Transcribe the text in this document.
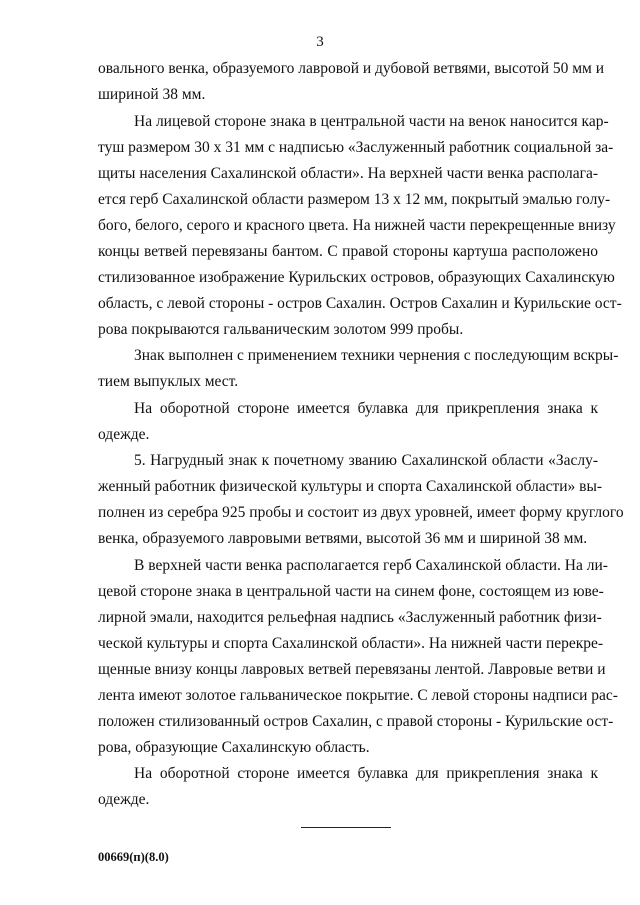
3
овального венка, образуемого лавровой и дубовой ветвями, высотой 50 мм и
шириной 38 мм.
На лицевой стороне знака в центральной части на венок наносится кар-
туш размером 30 х 31 мм с надписью «Заслуженный работник социальной за-
щиты населения Сахалинской области». На верхней части венка располага-
ется герб Сахалинской области размером 13 х 12 мм, покрытый эмалью голу-
бого, белого, серого и красного цвета. На нижней части перекрещенные внизу
концы ветвей перевязаны бантом. С правой стороны картуша расположено
стилизованное изображение Курильских островов, образующих Сахалинскую
область, с левой стороны - остров Сахалин. Остров Сахалин и Курильские ост-
рова покрываются гальваническим золотом 999 пробы.
Знак выполнен с применением техники чернения с последующим вскры-
тием выпуклых мест.
На оборотной стороне имеется булавка для прикрепления знака к
одежде.
5. Нагрудный знак к почетному званию Сахалинской области «Заслу-
женный работник физической культуры и спорта Сахалинской области» вы-
полнен из серебра 925 пробы и состоит из двух уровней, имеет форму круглого
венка, образуемого лавровыми ветвями, высотой 36 мм и шириной 38 мм.
В верхней части венка располагается герб Сахалинской области. На ли-
цевой стороне знака в центральной части на синем фоне, состоящем из юве-
лирной эмали, находится рельефная надпись «Заслуженный работник физи-
ческой культуры и спорта Сахалинской области». На нижней части перекре-
щенные внизу концы лавровых ветвей перевязаны лентой. Лавровые ветви и
лента имеют золотое гальваническое покрытие. С левой стороны надписи рас-
положен стилизованный остров Сахалин, с правой стороны - Курильские ост-
рова, образующие Сахалинскую область.
На оборотной стороне имеется булавка для прикрепления знака к
одежде.
00669(п)(8.0)
